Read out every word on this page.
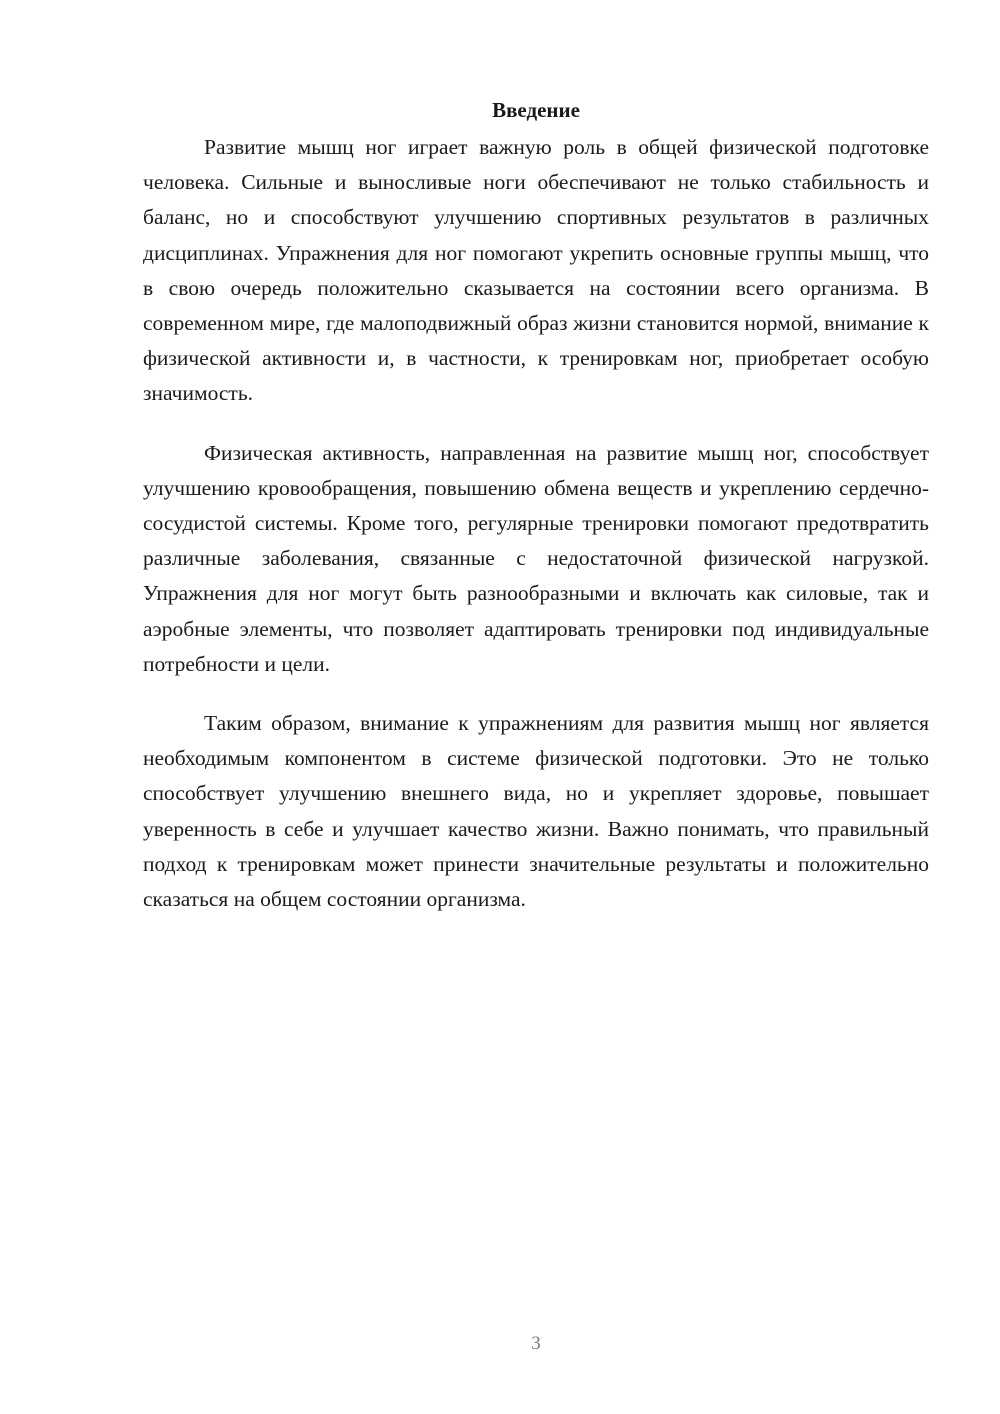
Введение

Развитие мышц ног играет важную роль в общей физической подготовке человека. Сильные и выносливые ноги обеспечивают не только стабильность и баланс, но и способствуют улучшению спортивных результатов в различных дисциплинах. Упражнения для ног помогают укрепить основные группы мышц, что в свою очередь положительно сказывается на состоянии всего организма. В современном мире, где малоподвижный образ жизни становится нормой, внимание к физической активности и, в частности, к тренировкам ног, приобретает особую значимость.

Физическая активность, направленная на развитие мышц ног, способствует улучшению кровообращения, повышению обмена веществ и укреплению сердечно-сосудистой системы. Кроме того, регулярные тренировки помогают предотвратить различные заболевания, связанные с недостаточной физической нагрузкой. Упражнения для ног могут быть разнообразными и включать как силовые, так и аэробные элементы, что позволяет адаптировать тренировки под индивидуальные потребности и цели.

Таким образом, внимание к упражнениям для развития мышц ног является необходимым компонентом в системе физической подготовки. Это не только способствует улучшению внешнего вида, но и укрепляет здоровье, повышает уверенность в себе и улучшает качество жизни. Важно понимать, что правильный подход к тренировкам может принести значительные результаты и положительно сказаться на общем состоянии организма.

3
